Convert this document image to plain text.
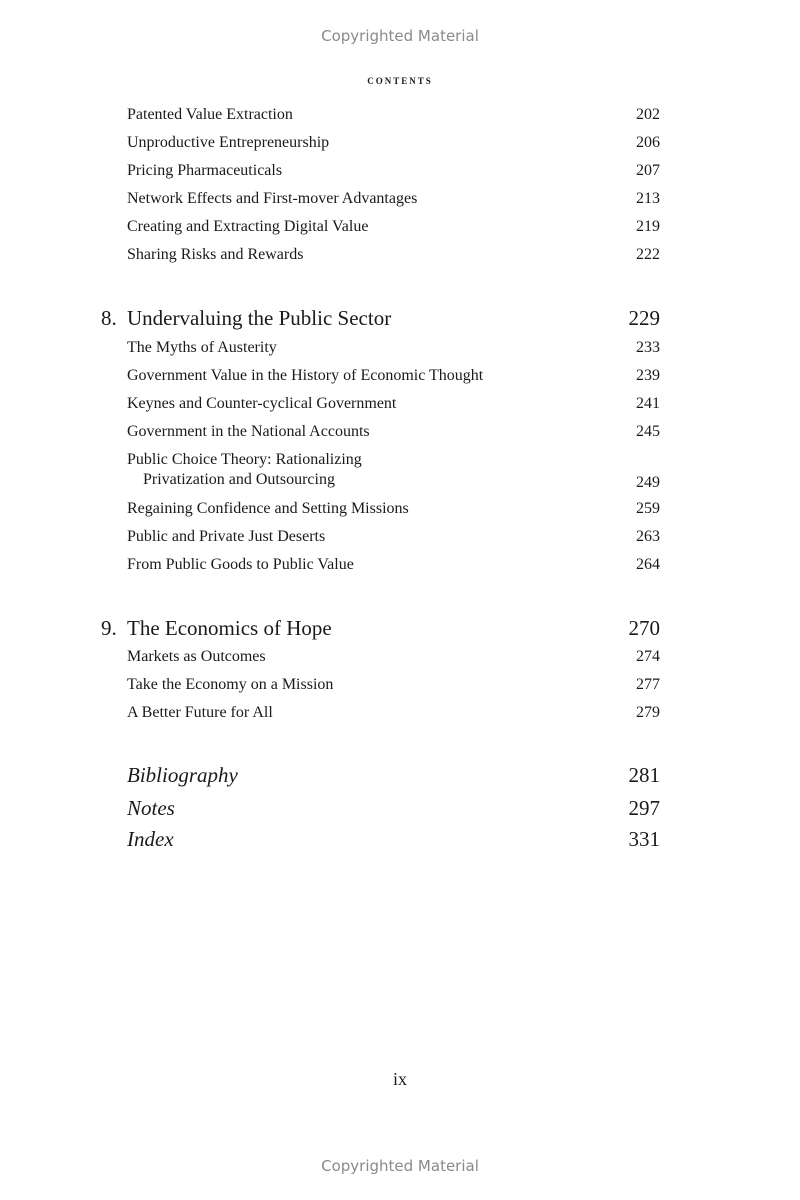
Copyrighted Material
contents
Patented Value Extraction	202
Unproductive Entrepreneurship	206
Pricing Pharmaceuticals	207
Network Effects and First-mover Advantages	213
Creating and Extracting Digital Value	219
Sharing Risks and Rewards	222
8. Undervaluing the Public Sector	229
The Myths of Austerity	233
Government Value in the History of Economic Thought	239
Keynes and Counter-cyclical Government	241
Government in the National Accounts	245
Public Choice Theory: Rationalizing
Privatization and Outsourcing	249
Regaining Confidence and Setting Missions	259
Public and Private Just Deserts	263
From Public Goods to Public Value	264
9. The Economics of Hope	270
Markets as Outcomes	274
Take the Economy on a Mission	277
A Better Future for All	279
Bibliography	281
Notes	297
Index	331
ix
Copyrighted Material
